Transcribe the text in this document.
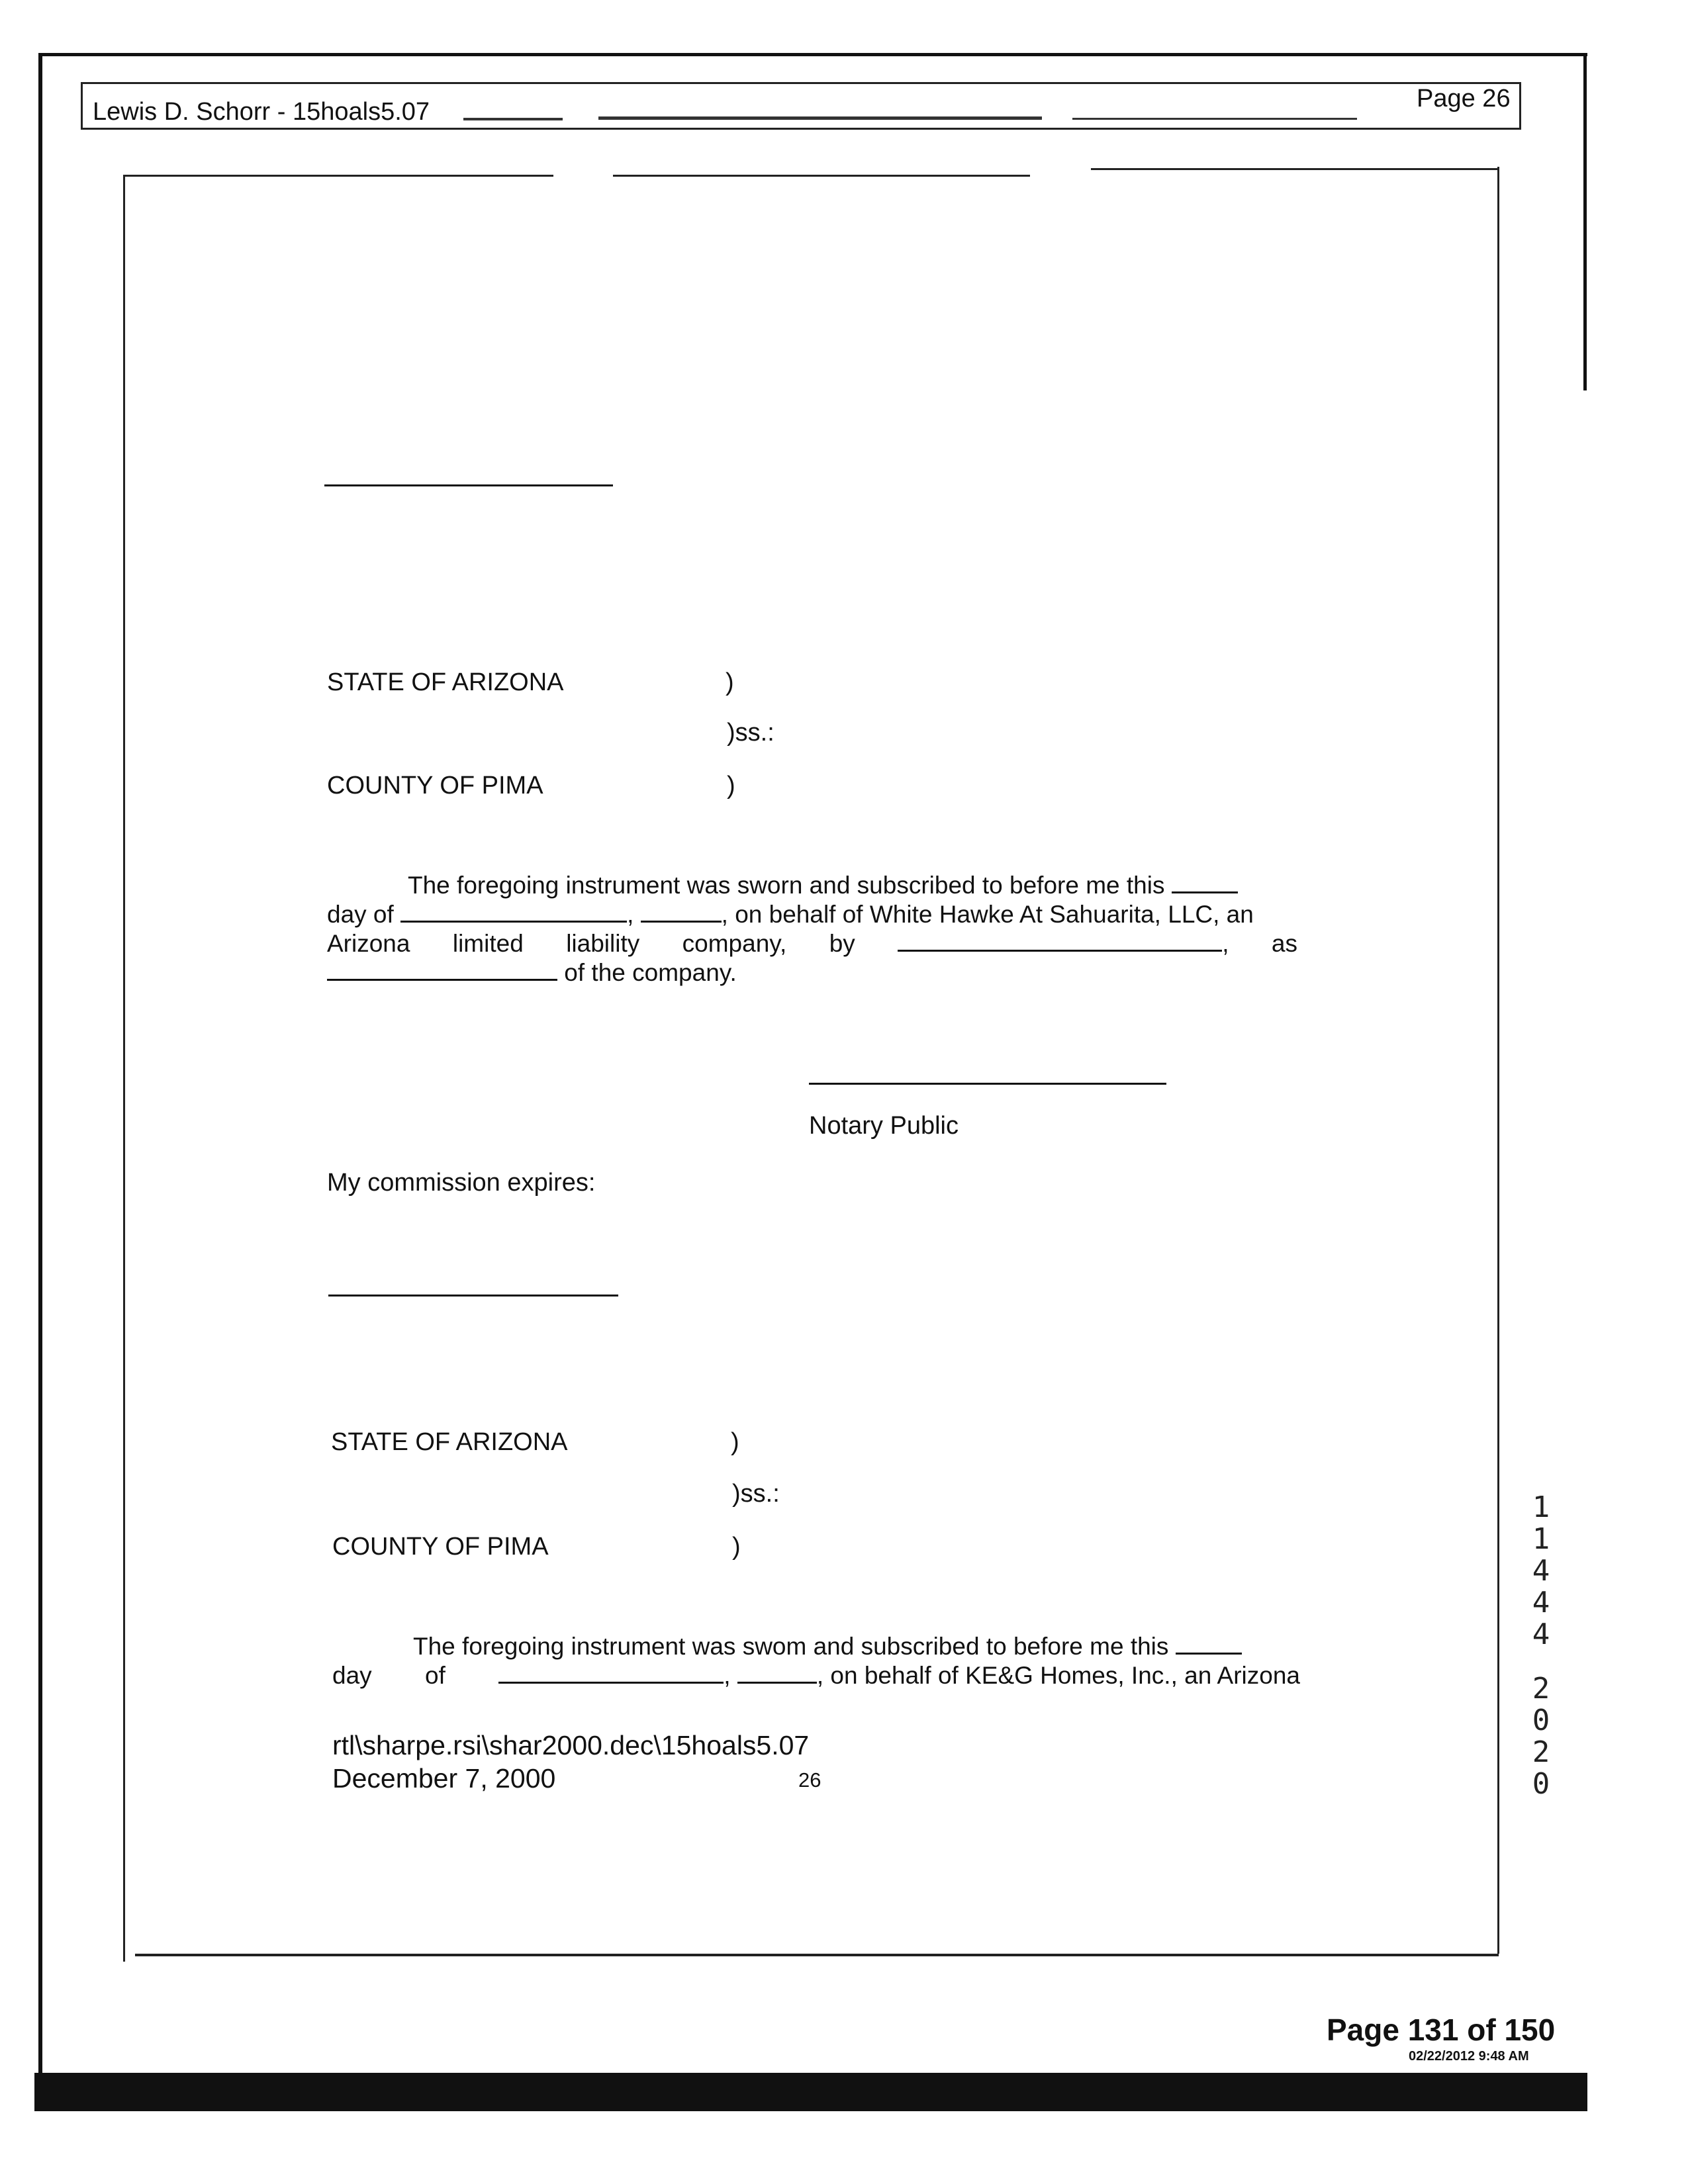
Lewis D. Schorr - 15hoals5.07	Page 26
STATE OF ARIZONA	)
)ss.:
COUNTY OF PIMA	)
The foregoing instrument was sworn and subscribed to before me this
day of	,	, on behalf of White Hawke At Sahuarita, LLC, an
Arizona limited liability company, by	, as
of the company.
Notary Public
My commission expires:
STATE OF ARIZONA	)
)ss.:
COUNTY OF PIMA	)
The foregoing instrument was swom and subscribed to before me this
day of	,	, on behalf of KE&G Homes, Inc., an Arizona
rtl\sharpe.rsi\shar2000.dec\15hoals5.07
December 7, 2000	26
1
1
4
4
4
2
0
2
0
Page 131 of 150
02/22/2012 9:48 AM
